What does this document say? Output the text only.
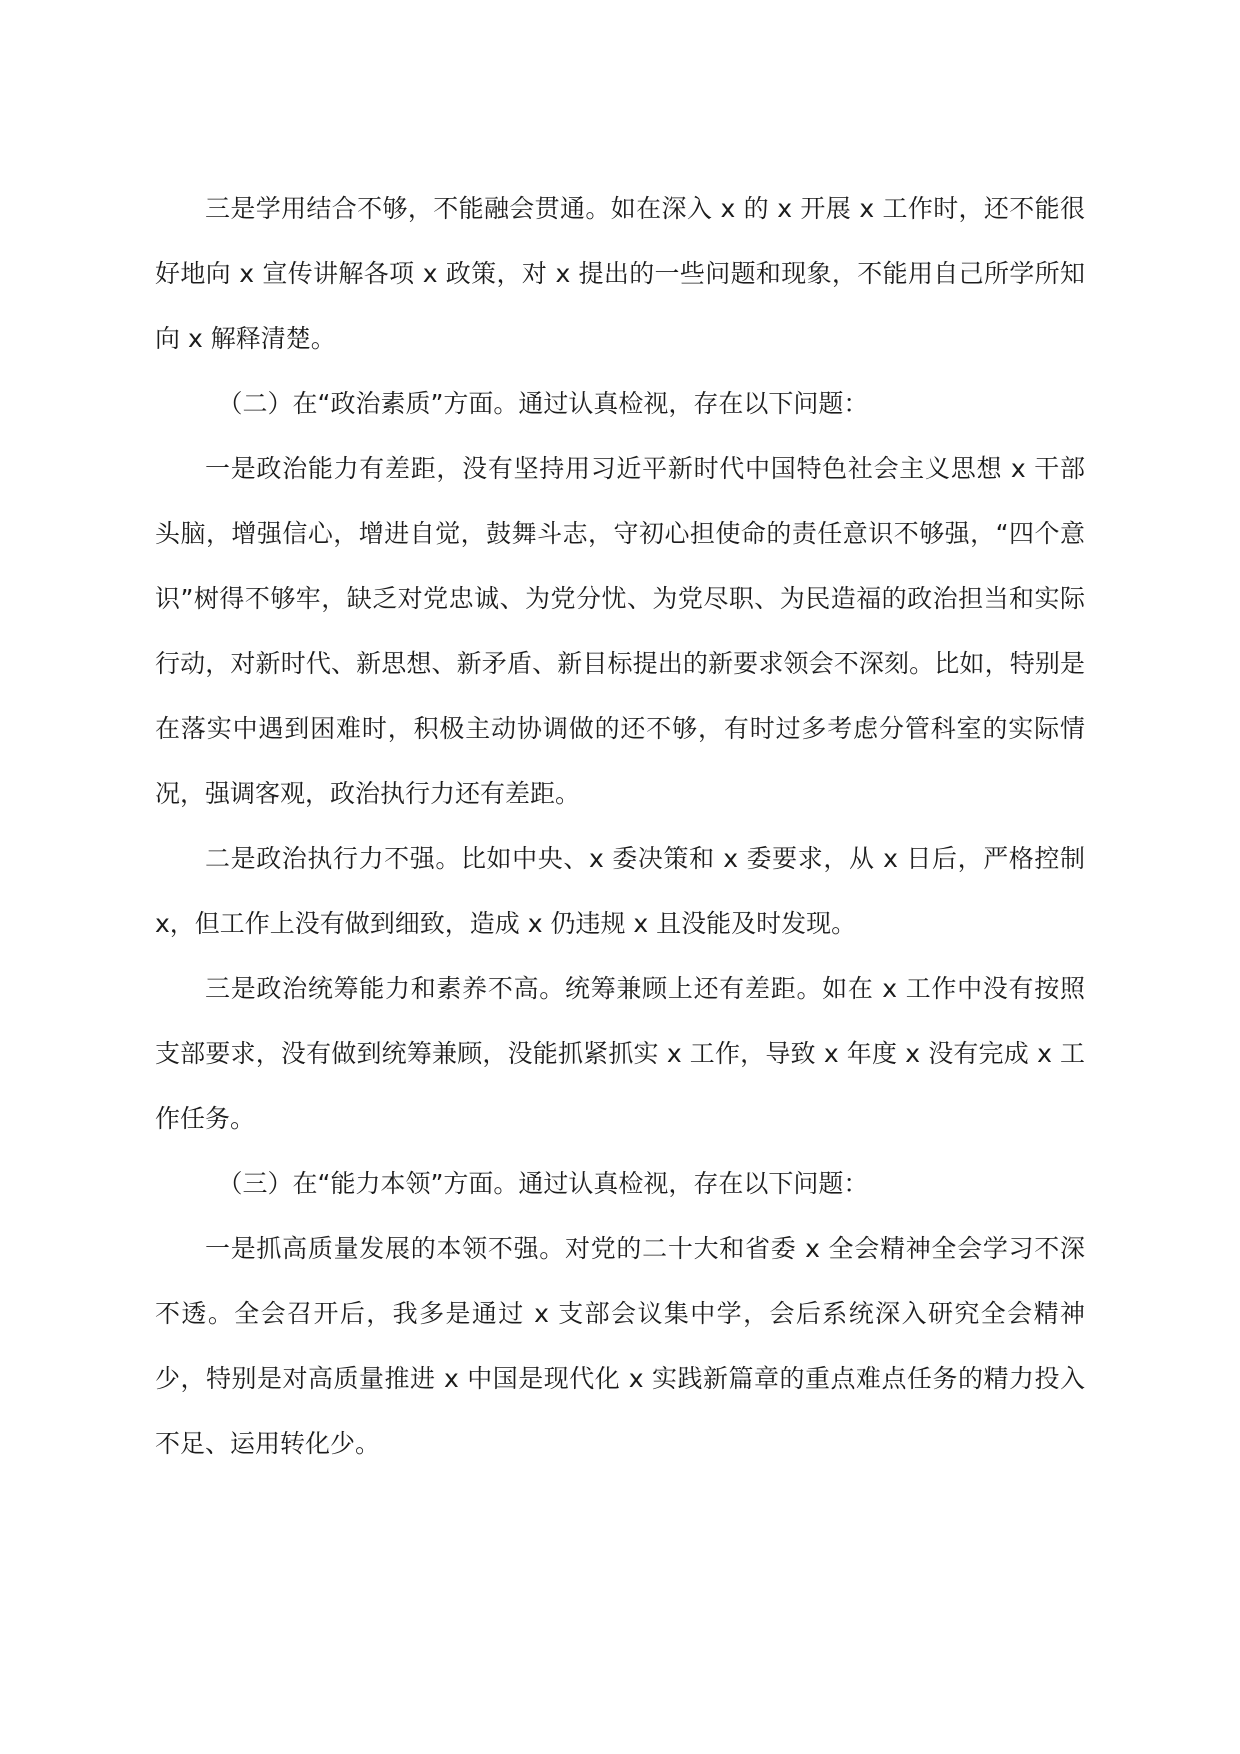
三是学用结合不够，不能融会贯通。如在深入 x 的 x 开展 x 工作时，还不能很好地向 x 宣传讲解各项 x 政策，对 x 提出的一些问题和现象，不能用自己所学所知向 x 解释清楚。

（二）在“政治素质”方面。通过认真检视，存在以下问题：

一是政治能力有差距，没有坚持用习近平新时代中国特色社会主义思想 x 干部头脑，增强信心，增进自觉，鼓舞斗志，守初心担使命的责任意识不够强，“四个意识”树得不够牢，缺乏对党忠诚、为党分忧、为党尽职、为民造福的政治担当和实际行动，对新时代、新思想、新矛盾、新目标提出的新要求领会不深刻。比如，特别是在落实中遇到困难时，积极主动协调做的还不够，有时过多考虑分管科室的实际情况，强调客观，政治执行力还有差距。

二是政治执行力不强。比如中央、x 委决策和 x 委要求，从 x 日后，严格控制 x，但工作上没有做到细致，造成 x 仍违规 x 且没能及时发现。

三是政治统筹能力和素养不高。统筹兼顾上还有差距。如在 x 工作中没有按照支部要求，没有做到统筹兼顾，没能抓紧抓实 x 工作，导致 x 年度 x 没有完成 x 工作任务。

（三）在“能力本领”方面。通过认真检视，存在以下问题：

一是抓高质量发展的本领不强。对党的二十大和省委 x 全会精神全会学习不深不透。全会召开后，我多是通过 x 支部会议集中学，会后系统深入研究全会精神少，特别是对高质量推进 x 中国是现代化 x 实践新篇章的重点难点任务的精力投入不足、运用转化少。
